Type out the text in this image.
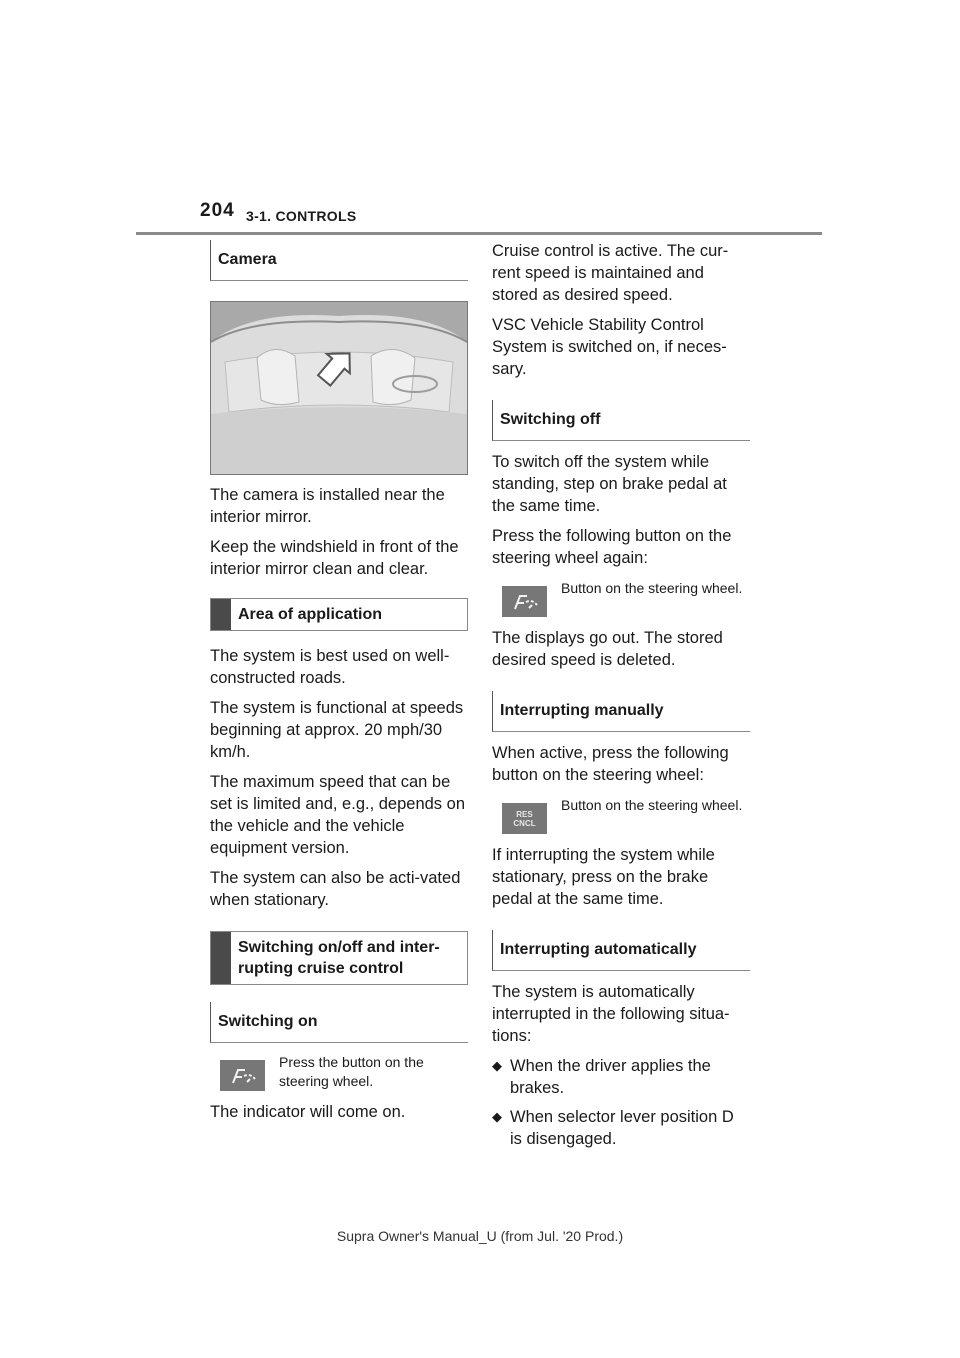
204 3-1. CONTROLS
Camera

The camera is installed near the interior mirror.

Keep the windshield in front of the interior mirror clean and clear.

Area of application

The system is best used on well-constructed roads.

The system is functional at speeds beginning at approx. 20 mph/30 km/h.

The maximum speed that can be set is limited and, e.g., depends on the vehicle and the vehicle equipment version.

The system can also be acti-vated when stationary.

Switching on/off and inter-rupting cruise control
Switching on
Press the button on the steering wheel.

The indicator will come on.

Cruise control is active. The cur-rent speed is maintained and stored as desired speed.

VSC Vehicle Stability Control System is switched on, if neces-sary.

Switching off

To switch off the system while standing, step on brake pedal at the same time.

Press the following button on the steering wheel again:

Button on the steering wheel.

The displays go out. The stored desired speed is deleted.

Interrupting manually

When active, press the following button on the steering wheel:

RES
CNCL
Button on the steering wheel.

If interrupting the system while stationary, press on the brake pedal at the same time.

Interrupting automatically

The system is automatically interrupted in the following situa-tions:

◆ When the driver applies the brakes.
◆ When selector lever position D is disengaged.
Supra Owner's Manual_U (from Jul. '20 Prod.)
